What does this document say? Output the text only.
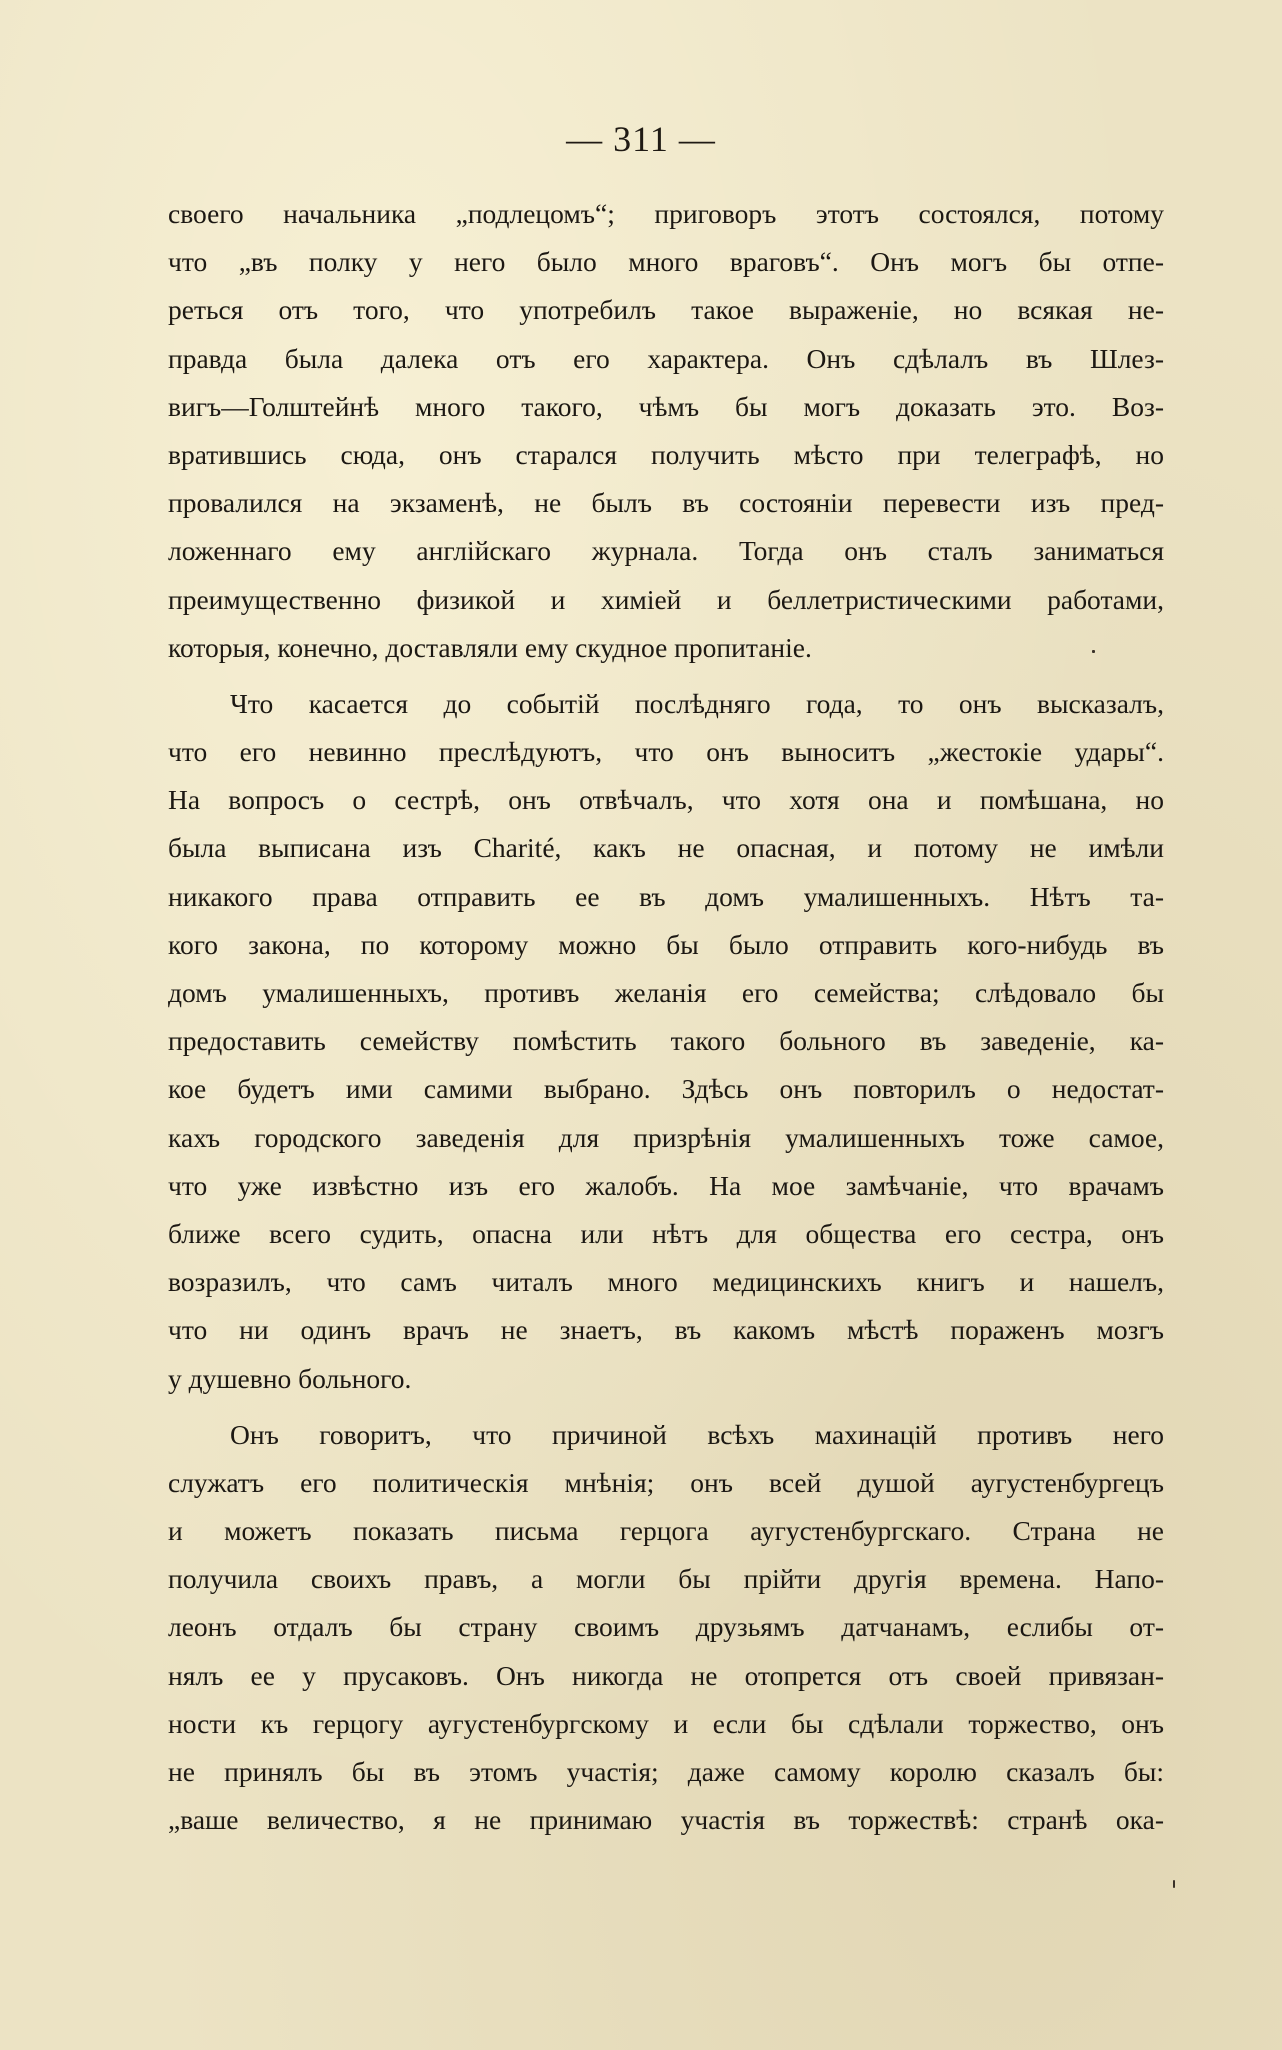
— 311 —
своего начальника „подлецомъ“; приговоръ этотъ состоялся, потому
что „въ полку у него было много враговъ“. Онъ могъ бы отпе-
реться отъ того, что употребилъ такое выраженіе, но всякая не-
правда была далека отъ его характера. Онъ сдѣлалъ въ Шлез-
вигъ—Голштейнѣ много такого, чѣмъ бы могъ доказать это. Воз-
вратившись сюда, онъ старался получить мѣсто при телеграфѣ, но
провалился на экзаменѣ, не былъ въ состояніи перевести изъ пред-
ложеннаго ему англійскаго журнала. Тогда онъ сталъ заниматься
преимущественно физикой и химіей и беллетристическими работами,
которыя, конечно, доставляли ему скудное пропитаніе.
Что касается до событій послѣдняго года, то онъ высказалъ,
что его невинно преслѣдуютъ, что онъ выноситъ „жестокіе удары“.
На вопросъ о сестрѣ, онъ отвѣчалъ, что хотя она и помѣшана, но
была выписана изъ Charité, какъ не опасная, и потому не имѣли
никакого права отправить ее въ домъ умалишенныхъ. Нѣтъ та-
кого закона, по которому можно бы было отправить кого-нибудь въ
домъ умалишенныхъ, противъ желанія его семейства; слѣдовало бы
предоставить семейству помѣстить такого больного въ заведеніе, ка-
кое будетъ ими самими выбрано. Здѣсь онъ повторилъ о недостат-
кахъ городского заведенія для призрѣнія умалишенныхъ тоже самое,
что уже извѣстно изъ его жалобъ. На мое замѣчаніе, что врачамъ
ближе всего судить, опасна или нѣтъ для общества его сестра, онъ
возразилъ, что самъ читалъ много медицинскихъ книгъ и нашелъ,
что ни одинъ врачъ не знаетъ, въ какомъ мѣстѣ пораженъ мозгъ
у душевно больного.
Онъ говоритъ, что причиной всѣхъ махинацій противъ него
служатъ его политическія мнѣнія; онъ всей душой аугустенбургецъ
и можетъ показать письма герцога аугустенбургскаго. Страна не
получила своихъ правъ, а могли бы прійти другія времена. Напо-
леонъ отдалъ бы страну своимъ друзьямъ датчанамъ, еслибы от-
нялъ ее у прусаковъ. Онъ никогда не отопрется отъ своей привязан-
ности къ герцогу аугустенбургскому и если бы сдѣлали торжество, онъ
не принялъ бы въ этомъ участія; даже самому королю сказалъ бы:
„ваше величество, я не принимаю участія въ торжествѣ: странѣ ока-
